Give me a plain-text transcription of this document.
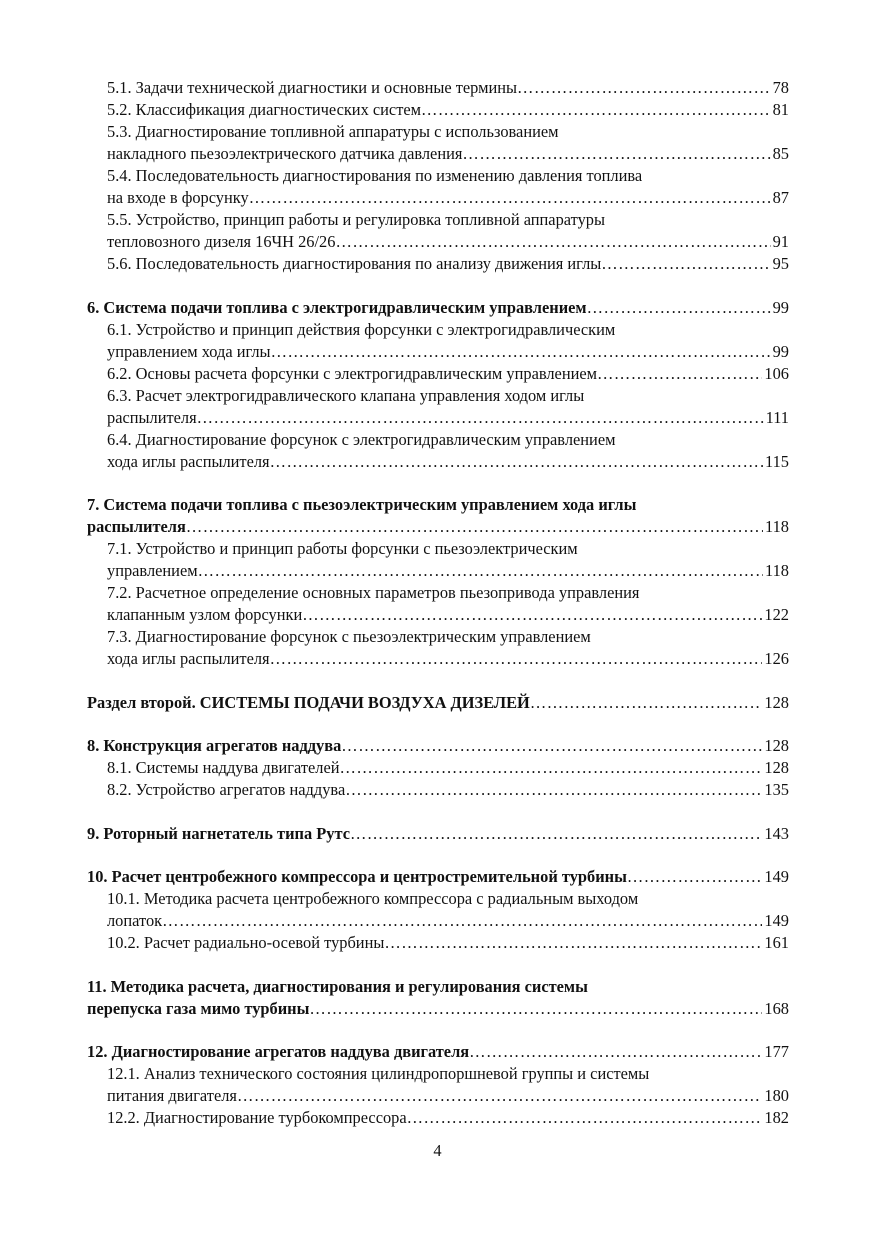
5.1. Задачи технической диагностики и основные термины ……………………………………………………………………………………………………………………………………………………………………………………………………	78
5.2. Классификация диагностических систем ……………………………………………………………………………………………………………………………………………………………………………………………………	81
5.3. Диагностирование топливной аппаратуры с использованием
накладного пьезоэлектрического датчика давления ……………………………………………………………………………………………………………………………………………………………………………………………………	85
5.4. Последовательность диагностирования по изменению давления топлива
на входе в форсунку ……………………………………………………………………………………………………………………………………………………………………………………………………	87
5.5. Устройство, принцип работы и регулировка топливной аппаратуры
тепловозного дизеля 16ЧН 26/26 ……………………………………………………………………………………………………………………………………………………………………………………………………	91
5.6. Последовательность диагностирования по анализу движения иглы ……………………………………………………………………………………………………………………………………………………………………………………………………	95
6. Система подачи топлива с электрогидравлическим управлением ……………………………………………………………………………………………………………………………………………………………………………………………………	99
6.1. Устройство и принцип действия форсунки с электрогидравлическим
управлением хода иглы ……………………………………………………………………………………………………………………………………………………………………………………………………	99
6.2. Основы расчета форсунки с электрогидравлическим управлением ……………………………………………………………………………………………………………………………………………………………………………………………………	106
6.3. Расчет электрогидравлического клапана управления ходом иглы
распылителя ……………………………………………………………………………………………………………………………………………………………………………………………………	111
6.4. Диагностирование форсунок с электрогидравлическим управлением
хода иглы распылителя ……………………………………………………………………………………………………………………………………………………………………………………………………	115
7. Система подачи топлива с пьезоэлектрическим управлением хода иглы
распылителя ……………………………………………………………………………………………………………………………………………………………………………………………………	118
7.1. Устройство и принцип работы форсунки с пьезоэлектрическим
управлением ……………………………………………………………………………………………………………………………………………………………………………………………………	118
7.2. Расчетное определение основных параметров пьезопривода управления
клапанным узлом форсунки ……………………………………………………………………………………………………………………………………………………………………………………………………	122
7.3. Диагностирование форсунок с пьезоэлектрическим управлением
хода иглы распылителя ……………………………………………………………………………………………………………………………………………………………………………………………………	126
Раздел второй. СИСТЕМЫ ПОДАЧИ ВОЗДУХА ДИЗЕЛЕЙ ……………………………………………………………………………………………………………………………………………………………………………………………………	128
8. Конструкция агрегатов наддува ……………………………………………………………………………………………………………………………………………………………………………………………………	128
8.1. Системы наддува двигателей ……………………………………………………………………………………………………………………………………………………………………………………………………	128
8.2. Устройство агрегатов наддува ……………………………………………………………………………………………………………………………………………………………………………………………………	135
9. Роторный нагнетатель типа Рутс ……………………………………………………………………………………………………………………………………………………………………………………………………	143
10. Расчет центробежного компрессора и центростремительной турбины ……………………………………………………………………………………………………………………………………………………………………………………………………	149
10.1. Методика расчета центробежного компрессора с радиальным выходом
лопаток ……………………………………………………………………………………………………………………………………………………………………………………………………	149
10.2. Расчет радиально-осевой турбины ……………………………………………………………………………………………………………………………………………………………………………………………………	161
11. Методика расчета, диагностирования и регулирования системы
перепуска газа мимо турбины ……………………………………………………………………………………………………………………………………………………………………………………………………	168
12. Диагностирование агрегатов наддува двигателя ……………………………………………………………………………………………………………………………………………………………………………………………………	177
12.1. Анализ технического состояния цилиндропоршневой группы и системы
питания двигателя ……………………………………………………………………………………………………………………………………………………………………………………………………	180
12.2. Диагностирование турбокомпрессора ……………………………………………………………………………………………………………………………………………………………………………………………………	182
4
